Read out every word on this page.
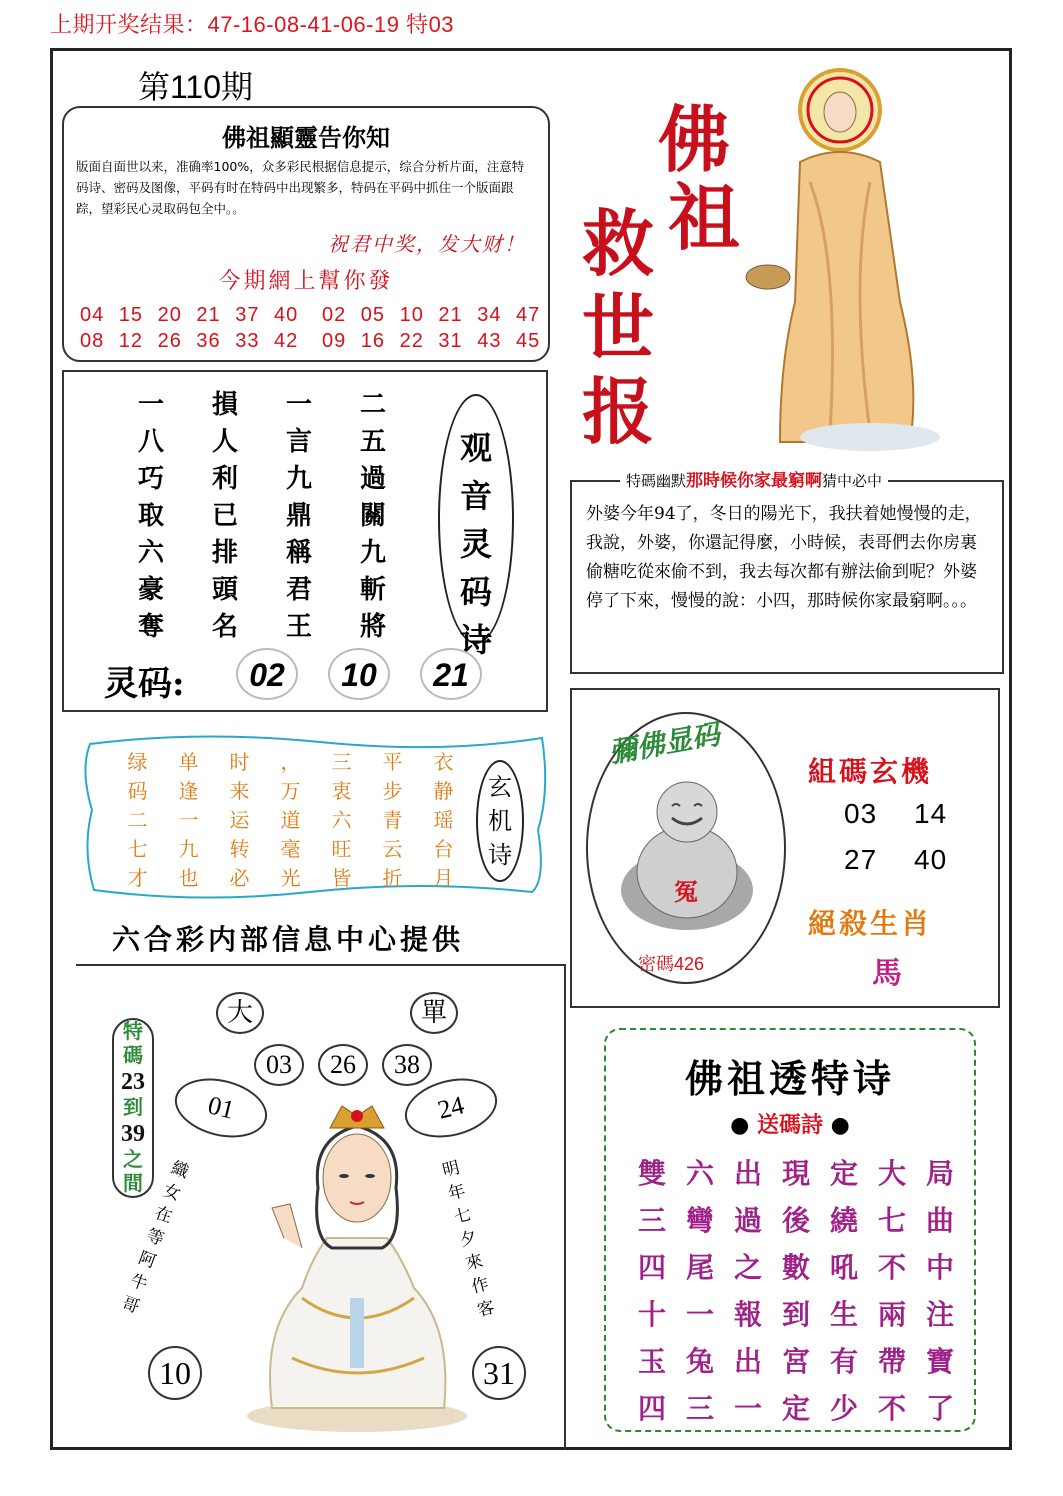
上期开奖结果：47-16-08-41-06-19 特03
第110期
佛祖顯靈告你知
版面自面世以来，准确率100%，众多彩民根据信息提示，综合分析片面，注意特码诗、密码及图像，平码有时在特码中出现繁多，特码在平码中抓住一个版面跟踪，望彩民心灵取码包全中。。
祝君中奖，发大财！
今期網上幫你發
04 15 20 21 37 40
08 12 26 36 33 42
02 05 10 21 34 47
09 16 22 31 43 45
一	損	一	二
八	人	言	五
巧	利	九	過
取	已	鼎	關
六	排	稱	九
豪	頭	君	斬
奪	名	王	將
观音灵码诗
灵码:	02	10	21
绿	单	时	，	三	平	衣
码	逢	来	万	衷	步	静
二	一	运	道	六	青	瑶
七	九	转	毫	旺	云	台
才	也	必	光	皆	折	月
玄机诗
六合彩内部信息中心提供
大	單
03	26	38
01	24
特
碼
23
到
39
之間
織女在等阿牛哥
明年七夕來作客
10	31
佛
祖
救
世
报
外婆今年94了，冬日的陽光下，我扶着她慢慢的走，我說，外婆，你還記得麼，小時候，表哥們去你房裏偷糖吃從來偷不到，我去每次都有辦法偷到呢？外婆停了下來，慢慢的說：小四，那時候你家最窮啊。。。
特碼幽默那時候你家最窮啊猜中必中
彌佛显码
冤
密碼426
組碼玄機
03 14
27 40
絕殺生肖
馬
佛祖透特诗
● 送碼詩 ●
雙 六 出 現 定 大 局
三 彎 過 後 繞 七 曲
四 尾 之 數 吼 不 中
十 一 報 到 生 兩 注
玉 兔 出 宮 有 帶 寶
四 三 一 定 少 不 了
